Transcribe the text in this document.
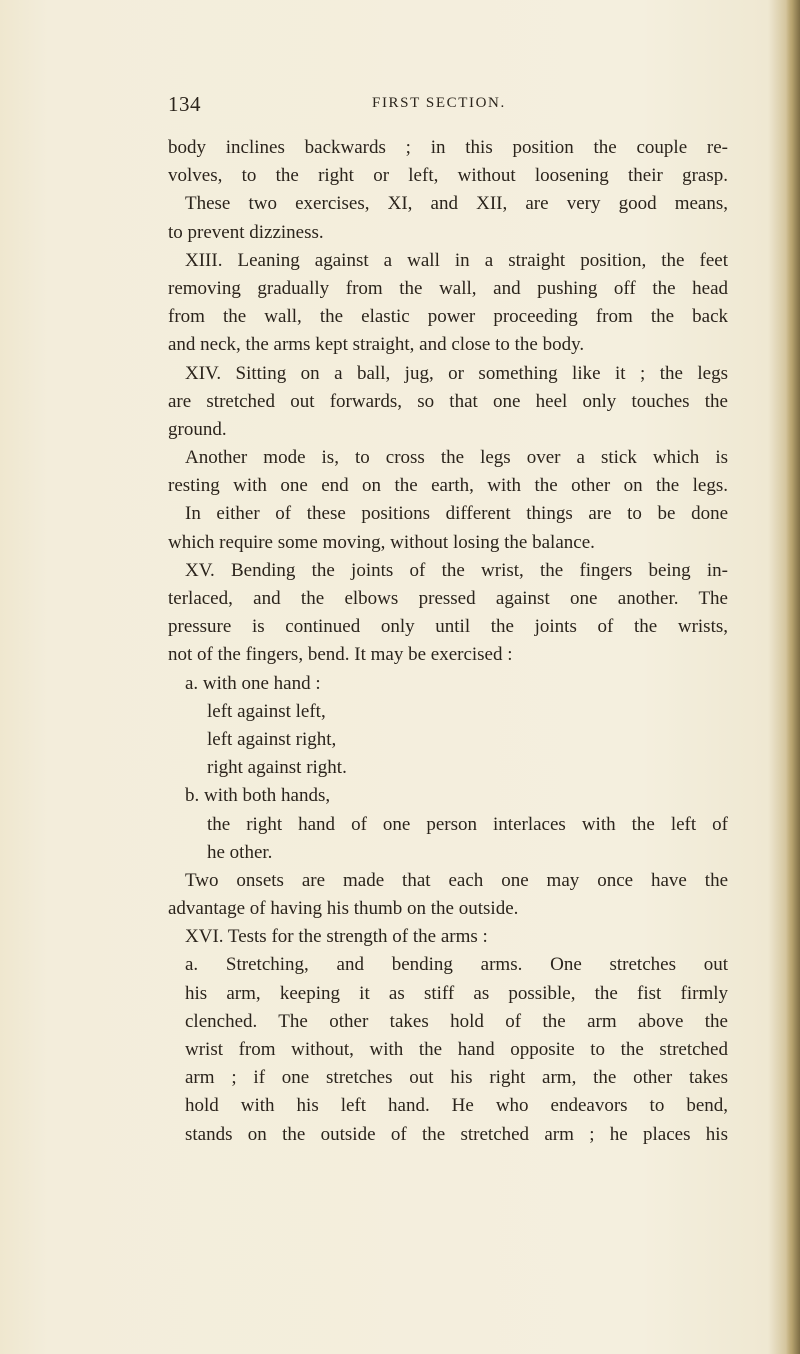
134	FIRST SECTION.
body inclines backwards ; in this position the couple re-
volves, to the right or left, without loosening their grasp.
These two exercises, XI, and XII, are very good means,
to prevent dizziness.
XIII. Leaning against a wall in a straight position, the feet
removing gradually from the wall, and pushing off the head
from the wall, the elastic power proceeding from the back
and neck, the arms kept straight, and close to the body.
XIV. Sitting on a ball, jug, or something like it ; the legs
are stretched out forwards, so that one heel only touches the
ground.
Another mode is, to cross the legs over a stick which is
resting with one end on the earth, with the other on the legs.
In either of these positions different things are to be done
which require some moving, without losing the balance.
XV. Bending the joints of the wrist, the fingers being in-
terlaced, and the elbows pressed against one another. The
pressure is continued only until the joints of the wrists,
not of the fingers, bend. It may be exercised :
a. with one hand :
left against left,
left against right,
right against right.
b. with both hands,
the right hand of one person interlaces with the left of
he other.
Two onsets are made that each one may once have the
advantage of having his thumb on the outside.
XVI. Tests for the strength of the arms :
a. Stretching, and bending arms. One stretches out
his arm, keeping it as stiff as possible, the fist firmly
clenched. The other takes hold of the arm above the
wrist from without, with the hand opposite to the stretched
arm ; if one stretches out his right arm, the other takes
hold with his left hand. He who endeavors to bend,
stands on the outside of the stretched arm ; he places his
